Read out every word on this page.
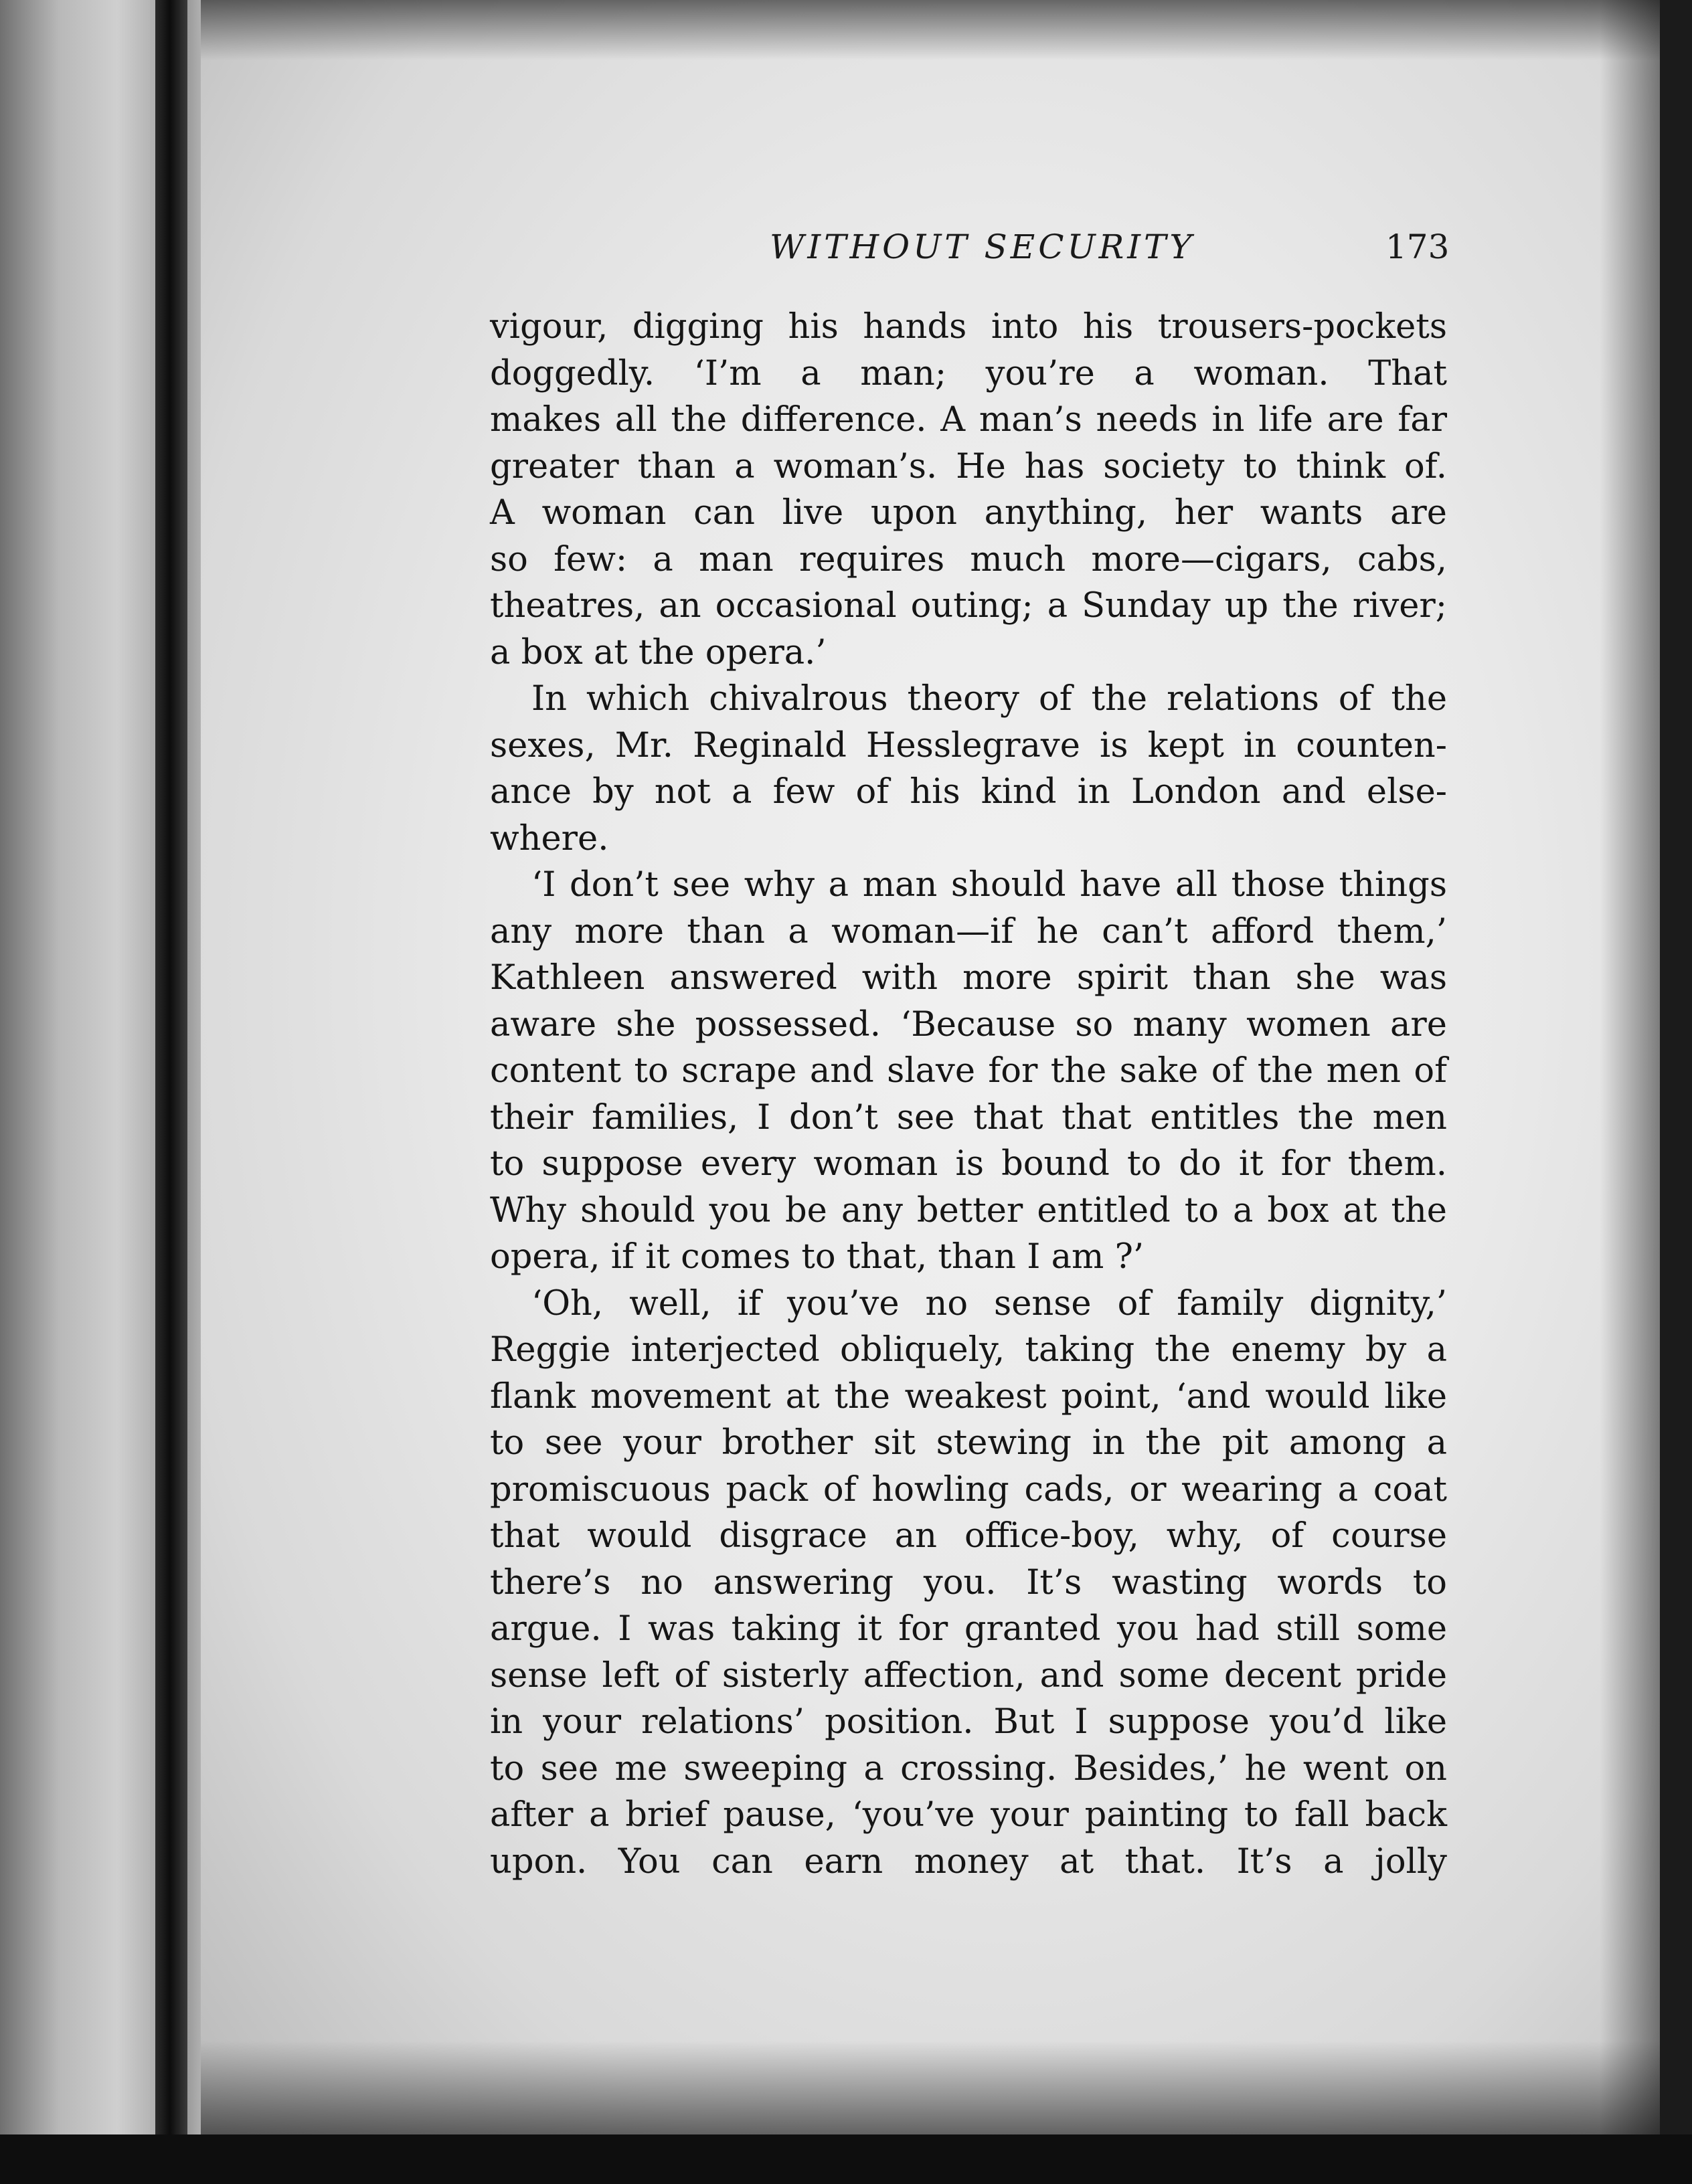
WITHOUT SECURITY	173
vigour, digging his hands into his trousers-pockets
doggedly. ‘I’m a man; you’re a woman. That
makes all the difference. A man’s needs in life are far
greater than a woman’s. He has society to think of.
A woman can live upon anything, her wants are
so few: a man requires much more—cigars, cabs,
theatres, an occasional outing; a Sunday up the river;
a box at the opera.’
In which chivalrous theory of the relations of the
sexes, Mr. Reginald Hesslegrave is kept in counten-
ance by not a few of his kind in London and else-
where.
‘I don’t see why a man should have all those things
any more than a woman—if he can’t afford them,’
Kathleen answered with more spirit than she was
aware she possessed. ‘Because so many women are
content to scrape and slave for the sake of the men of
their families, I don’t see that that entitles the men
to suppose every woman is bound to do it for them.
Why should you be any better entitled to a box at the
opera, if it comes to that, than I am ?’
‘Oh, well, if you’ve no sense of family dignity,’
Reggie interjected obliquely, taking the enemy by a
flank movement at the weakest point, ‘and would like
to see your brother sit stewing in the pit among a
promiscuous pack of howling cads, or wearing a coat
that would disgrace an office-boy, why, of course
there’s no answering you. It’s wasting words to
argue. I was taking it for granted you had still some
sense left of sisterly affection, and some decent pride
in your relations’ position. But I suppose you’d like
to see me sweeping a crossing. Besides,’ he went on
after a brief pause, ‘you’ve your painting to fall back
upon. You can earn money at that. It’s a jolly
